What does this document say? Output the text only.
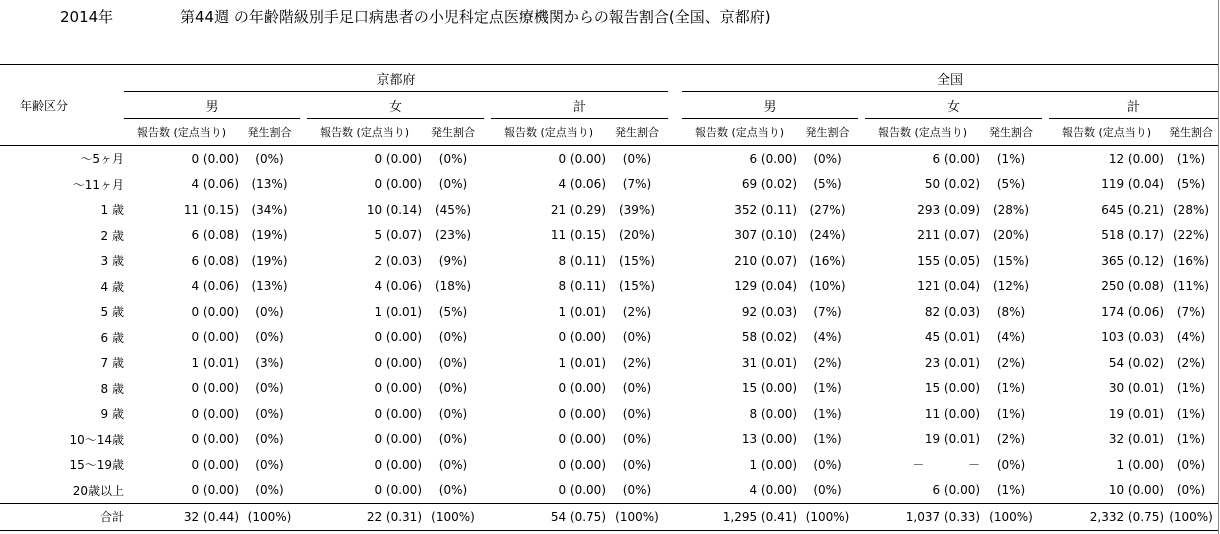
2014年	第44週 の年齢階級別手足口病患者の小児科定点医療機関からの報告割合(全国、京都府)
年齢区分	京都府									全国							
	男			女			計			男			女			計	
	報告数 (定点当り)	発生割合		報告数 (定点当り)	発生割合		報告数 (定点当り)	発生割合		報告数 (定点当り)	発生割合		報告数 (定点当り)	発生割合		報告数 (定点当り)	発生割合
～5ヶ月	0 (0.00)	(0%)		0 (0.00)	(0%)		0 (0.00)	(0%)		6 (0.00)	(0%)		6 (0.00)	(1%)		12 (0.00)	(1%)
～11ヶ月	4 (0.06)	(13%)		0 (0.00)	(0%)		4 (0.06)	(7%)		69 (0.02)	(5%)		50 (0.02)	(5%)		119 (0.04)	(5%)
1 歳	11 (0.15)	(34%)		10 (0.14)	(45%)		21 (0.29)	(39%)		352 (0.11)	(27%)		293 (0.09)	(28%)		645 (0.21)	(28%)
2 歳	6 (0.08)	(19%)		5 (0.07)	(23%)		11 (0.15)	(20%)		307 (0.10)	(24%)		211 (0.07)	(20%)		518 (0.17)	(22%)
3 歳	6 (0.08)	(19%)		2 (0.03)	(9%)		8 (0.11)	(15%)		210 (0.07)	(16%)		155 (0.05)	(15%)		365 (0.12)	(16%)
4 歳	4 (0.06)	(13%)		4 (0.06)	(18%)		8 (0.11)	(15%)		129 (0.04)	(10%)		121 (0.04)	(12%)		250 (0.08)	(11%)
5 歳	0 (0.00)	(0%)		1 (0.01)	(5%)		1 (0.01)	(2%)		92 (0.03)	(7%)		82 (0.03)	(8%)		174 (0.06)	(7%)
6 歳	0 (0.00)	(0%)		0 (0.00)	(0%)		0 (0.00)	(0%)		58 (0.02)	(4%)		45 (0.01)	(4%)		103 (0.03)	(4%)
7 歳	1 (0.01)	(3%)		0 (0.00)	(0%)		1 (0.01)	(2%)		31 (0.01)	(2%)		23 (0.01)	(2%)		54 (0.02)	(2%)
8 歳	0 (0.00)	(0%)		0 (0.00)	(0%)		0 (0.00)	(0%)		15 (0.00)	(1%)		15 (0.00)	(1%)		30 (0.01)	(1%)
9 歳	0 (0.00)	(0%)		0 (0.00)	(0%)		0 (0.00)	(0%)		8 (0.00)	(1%)		11 (0.00)	(1%)		19 (0.01)	(1%)
10～14歳	0 (0.00)	(0%)		0 (0.00)	(0%)		0 (0.00)	(0%)		13 (0.00)	(1%)		19 (0.01)	(2%)		32 (0.01)	(1%)
15～19歳	0 (0.00)	(0%)		0 (0.00)	(0%)		0 (0.00)	(0%)		1 (0.00)	(0%)		－ 　　　 －	(0%)		1 (0.00)	(0%)
20歳以上	0 (0.00)	(0%)		0 (0.00)	(0%)		0 (0.00)	(0%)		4 (0.00)	(0%)		6 (0.00)	(1%)		10 (0.00)	(0%)
合計	32 (0.44)	(100%)		22 (0.31)	(100%)		54 (0.75)	(100%)		1,295 (0.41)	(100%)		1,037 (0.33)	(100%)		2,332 (0.75)	(100%)
